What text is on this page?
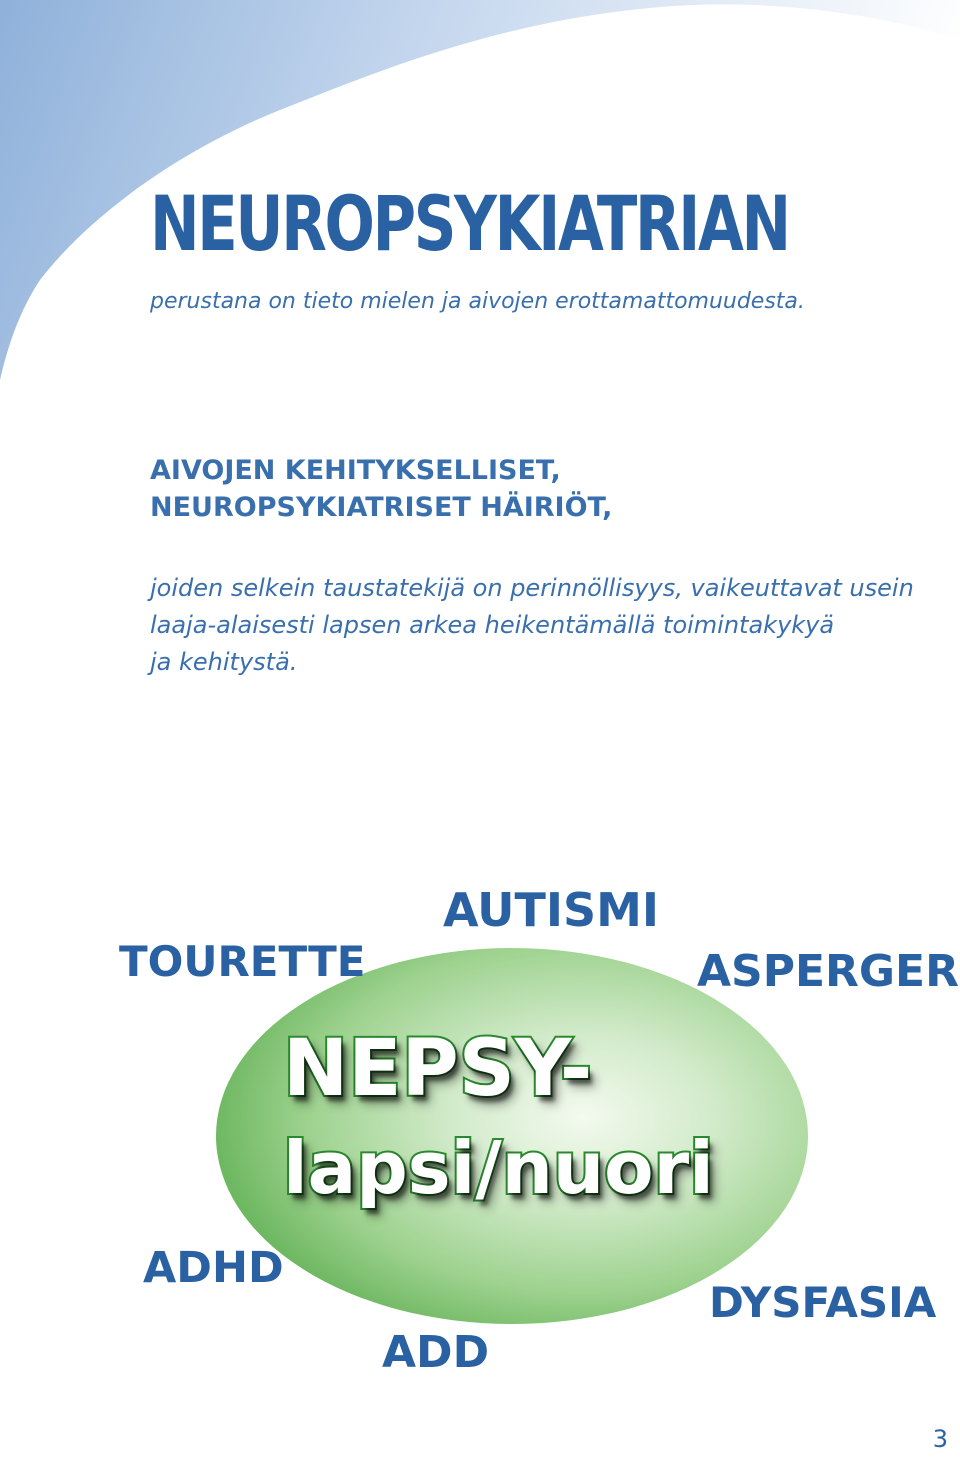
NEUROPSYKIATRIAN

perustana on tieto mielen ja aivojen erottamattomuudesta.

AIVOJEN KEHITYKSELLISET,
NEUROPSYKIATRISET HÄIRIÖT,

joiden selkein taustatekijä on perinnöllisyys, vaikeuttavat usein
laaja-alaisesti lapsen arkea heikentämällä toimintakykyä
ja kehitystä.

AUTISMI
TOURETTE	ASPERGER
NEPSY-
lapsi/nuori
ADHD
DYSFASIA
ADD
3
